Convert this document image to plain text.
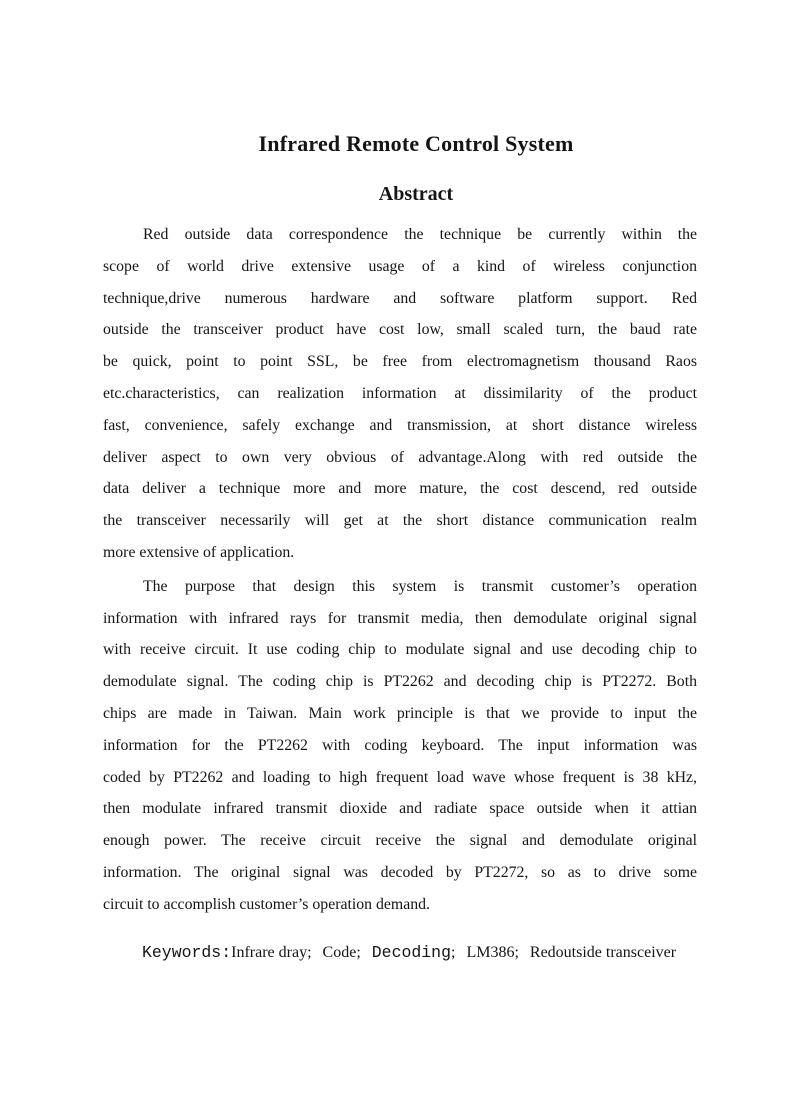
Infrared Remote Control System
Abstract
Red outside data correspondence the technique be currently within the
scope of world drive extensive usage of a kind of wireless conjunction
technique,drive numerous hardware and software platform support. Red
outside the transceiver product have cost low, small scaled turn, the baud rate
be quick, point to point SSL, be free from electromagnetism thousand Raos
etc.characteristics, can realization information at dissimilarity of the product
fast, convenience, safely exchange and transmission, at short distance wireless
deliver aspect to own very obvious of advantage.Along with red outside the
data deliver a technique more and more mature, the cost descend, red outside
the transceiver necessarily will get at the short distance communication realm
more extensive of application.
The purpose that design this system is transmit customer’s operation
information with infrared rays for transmit media, then demodulate original signal
with receive circuit. It use coding chip to modulate signal and use decoding chip to
demodulate signal. The coding chip is PT2262 and decoding chip is PT2272. Both
chips are made in Taiwan. Main work principle is that we provide to input the
information for the PT2262 with coding keyboard. The input information was
coded by PT2262 and loading to high frequent load wave whose frequent is 38 kHz,
then modulate infrared transmit dioxide and radiate space outside when it attian
enough power. The receive circuit receive the signal and demodulate original
information. The original signal was decoded by PT2272, so as to drive some
circuit to accomplish customer’s operation demand.
Keywords:Infrare dray; Code; Decoding; LM386; Redoutside transceiver
